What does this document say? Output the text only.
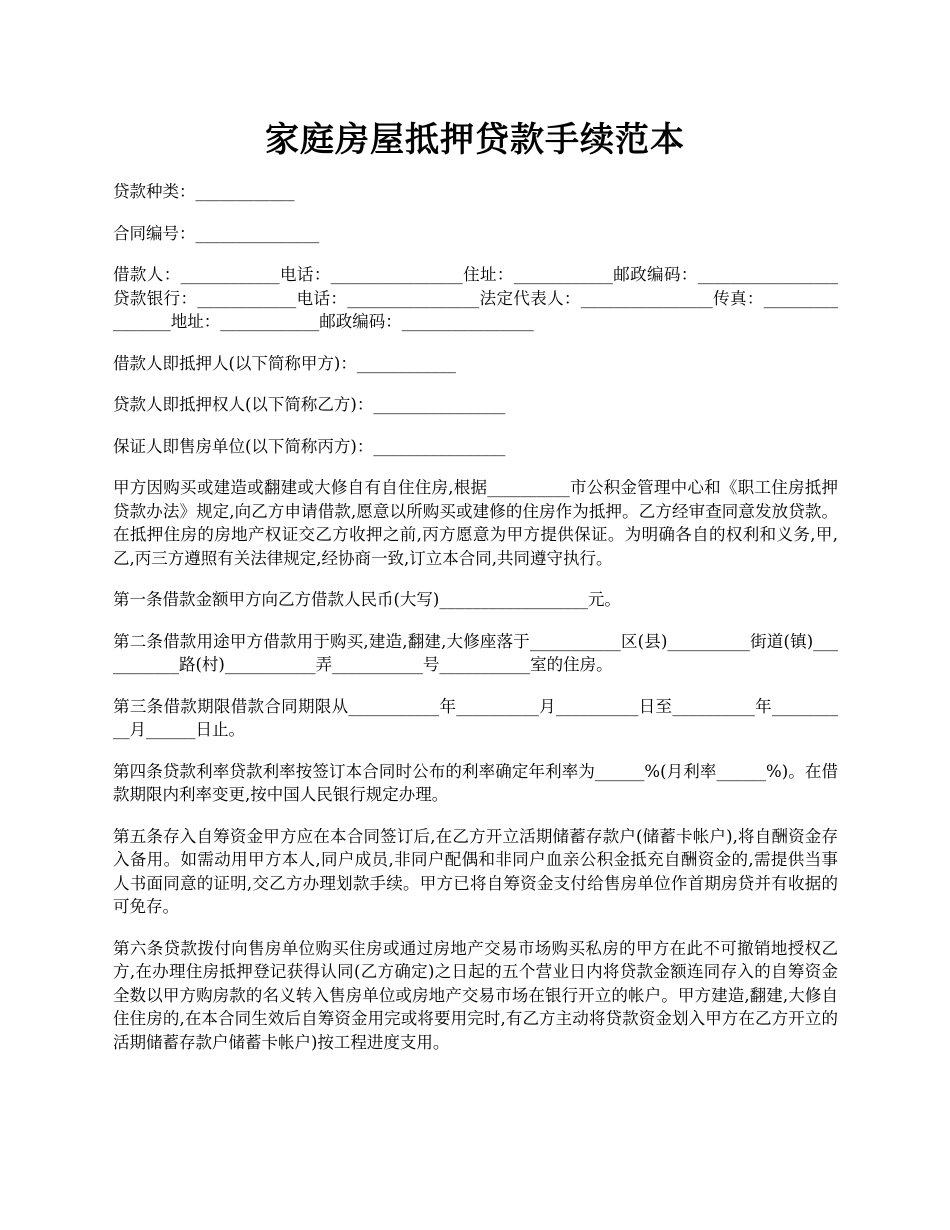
家庭房屋抵押贷款手续范本

贷款种类：____________

合同编号：_______________

借款人：____________电话：________________住址：____________邮政编码：_________________贷款银行：____________电话：________________法定代表人：________________传真：________________地址：____________邮政编码：________________

借款人即抵押人(以下简称甲方)：____________

贷款人即抵押权人(以下简称乙方)：________________

保证人即售房单位(以下简称丙方)：________________

甲方因购买或建造或翻建或大修自有自住住房,根据__________市公积金管理中心和《职工住房抵押贷款办法》规定,向乙方申请借款,愿意以所购买或建修的住房作为抵押。乙方经审查同意发放贷款。在抵押住房的房地产权证交乙方收押之前,丙方愿意为甲方提供保证。为明确各自的权利和义务,甲,乙,丙三方遵照有关法律规定,经协商一致,订立本合同,共同遵守执行。

第一条借款金额甲方向乙方借款人民币(大写)__________________元。

第二条借款用途甲方借款用于购买,建造,翻建,大修座落于___________区(县)__________街道(镇)___________路(村)___________弄___________号___________室的住房。

第三条借款期限借款合同期限从___________年__________月__________日至__________年__________月______日止。

第四条贷款利率贷款利率按签订本合同时公布的利率确定年利率为______%(月利率______%)。在借款期限内利率变更,按中国人民银行规定办理。

第五条存入自筹资金甲方应在本合同签订后,在乙方开立活期储蓄存款户(储蓄卡帐户),将自酬资金存入备用。如需动用甲方本人,同户成员,非同户配偶和非同户血亲公积金抵充自酬资金的,需提供当事人书面同意的证明,交乙方办理划款手续。甲方已将自筹资金支付给售房单位作首期房贷并有收据的可免存。

第六条贷款拨付向售房单位购买住房或通过房地产交易市场购买私房的甲方在此不可撤销地授权乙方,在办理住房抵押登记获得认同(乙方确定)之日起的五个营业日内将贷款金额连同存入的自筹资金全数以甲方购房款的名义转入售房单位或房地产交易市场在银行开立的帐户。甲方建造,翻建,大修自住住房的,在本合同生效后自筹资金用完或将要用完时,有乙方主动将贷款资金划入甲方在乙方开立的活期储蓄存款户储蓄卡帐户)按工程进度支用。
